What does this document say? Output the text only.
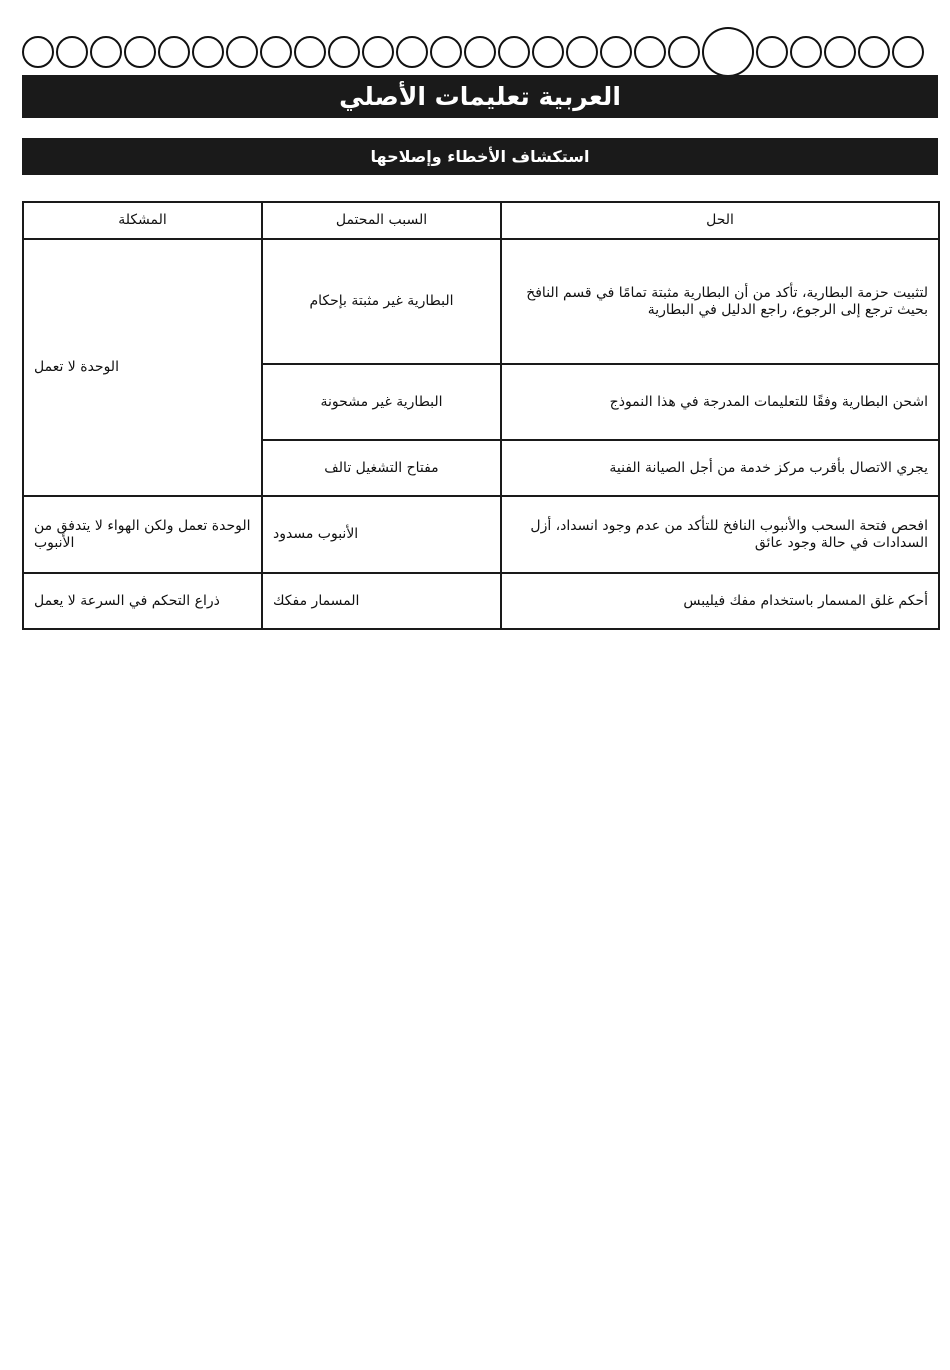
العربية تعليمات الأصلي
استكشاف الأخطاء وإصلاحها
المشكلة	السبب المحتمل	الحل
الوحدة لا تعمل	البطارية غير مثبتة بإحكام	لتثبيت حزمة البطارية، تأكد من أن البطارية مثبتة تمامًا في قسم النافخ بحيث ترجع إلى الرجوع، راجع الدليل في البطارية
	البطارية غير مشحونة	اشحن البطارية وفقًا للتعليمات المدرجة في هذا النموذج
	مفتاح التشغيل تالف	يجري الاتصال بأقرب مركز خدمة من أجل الصيانة الفنية
الوحدة تعمل ولكن الهواء لا يتدفق من الأنبوب	الأنبوب مسدود	افحص فتحة السحب والأنبوب النافخ للتأكد من عدم وجود انسداد، أزل السدادات في حالة وجود عائق
ذراع التحكم في السرعة لا يعمل	المسمار مفكك	أحكم غلق المسمار باستخدام مفك فيليبس
